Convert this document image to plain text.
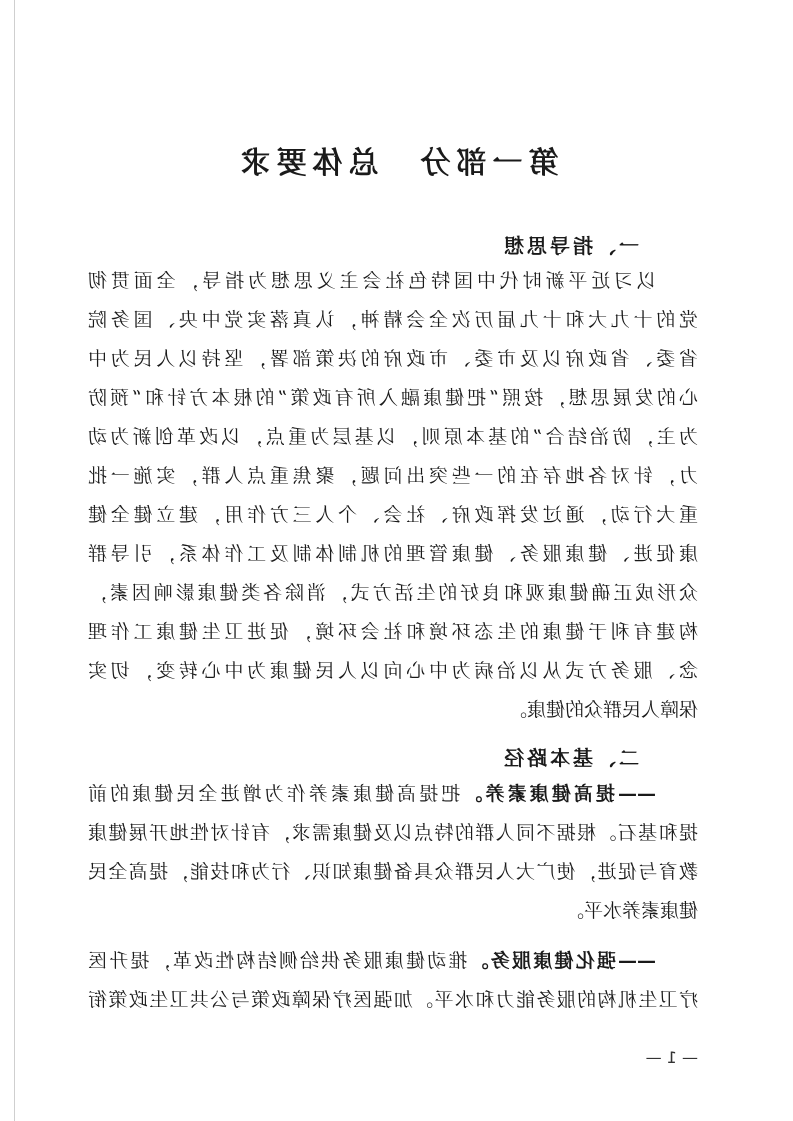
第一部分　总体要求
一、指导思想
以习近平新时代中国特色社会主义思想为指导，全面贯彻
党的十九大和十九届历次全会精神，认真落实党中央、国务院
省委、省政府以及市委、市政府的决策部署，坚持以人民为中
心的发展思想，按照“把健康融入所有政策”的根本方针和“预防
为主，防治结合”的基本原则，以基层为重点，以改革创新为动
力，针对各地存在的一些突出问题，聚焦重点人群，实施一批
重大行动，通过发挥政府、社会、个人三方作用，建立健全健
康促进、健康服务、健康管理的机制体制及工作体系，引导群
众形成正确健康观和良好的生活方式，消除各类健康影响因素，
构建有利于健康的生态环境和社会环境，促进卫生健康工作理
念、服务方式从以治病为中心向以人民健康为中心转变，切实
保障人民群众的健康。
二、基本路径
——提高健康素养。把提高健康素养作为增进全民健康的前
提和基石。根据不同人群的特点以及健康需求，有针对性地开展健康
教育与促进，使广大人民群众具备健康知识、行为和技能，提高全民
健康素养水平。
——强化健康服务。推动健康服务供给侧结构性改革，提升医
疗卫生机构的服务能力和水平。加强医疗保障政策与公共卫生政策衔
— 1 —
